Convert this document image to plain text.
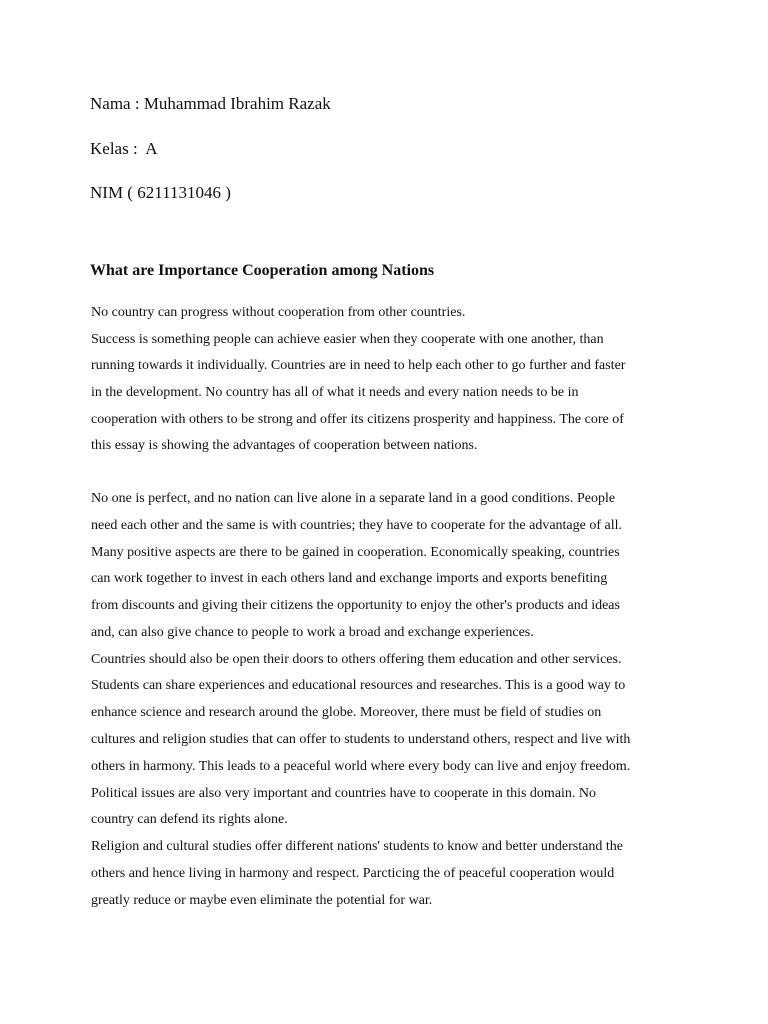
Nama : Muhammad Ibrahim Razak
Kelas :  A
NIM ( 6211131046 )
What are Importance Cooperation among Nations
No country can progress without cooperation from other countries.
Success is something people can achieve easier when they cooperate with one another, than
running towards it individually. Countries are in need to help each other to go further and faster
in the development. No country has all of what it needs and every nation needs to be in
cooperation with others to be strong and offer its citizens prosperity and happiness. The core of
this essay is showing the advantages of cooperation between nations.
No one is perfect, and no nation can live alone in a separate land in a good conditions. People
need each other and the same is with countries; they have to cooperate for the advantage of all.
Many positive aspects are there to be gained in cooperation. Economically speaking, countries
can work together to invest in each others land and exchange imports and exports benefiting
from discounts and giving their citizens the opportunity to enjoy the other's products and ideas
and, can also give chance to people to work a broad and exchange experiences.
Countries should also be open their doors to others offering them education and other services.
Students can share experiences and educational resources and researches. This is a good way to
enhance science and research around the globe. Moreover, there must be field of studies on
cultures and religion studies that can offer to students to understand others, respect and live with
others in harmony. This leads to a peaceful world where every body can live and enjoy freedom.
Political issues are also very important and countries have to cooperate in this domain. No
country can defend its rights alone.
Religion and cultural studies offer different nations' students to know and better understand the
others and hence living in harmony and respect. Parcticing the of peaceful cooperation would
greatly reduce or maybe even eliminate the potential for war.
